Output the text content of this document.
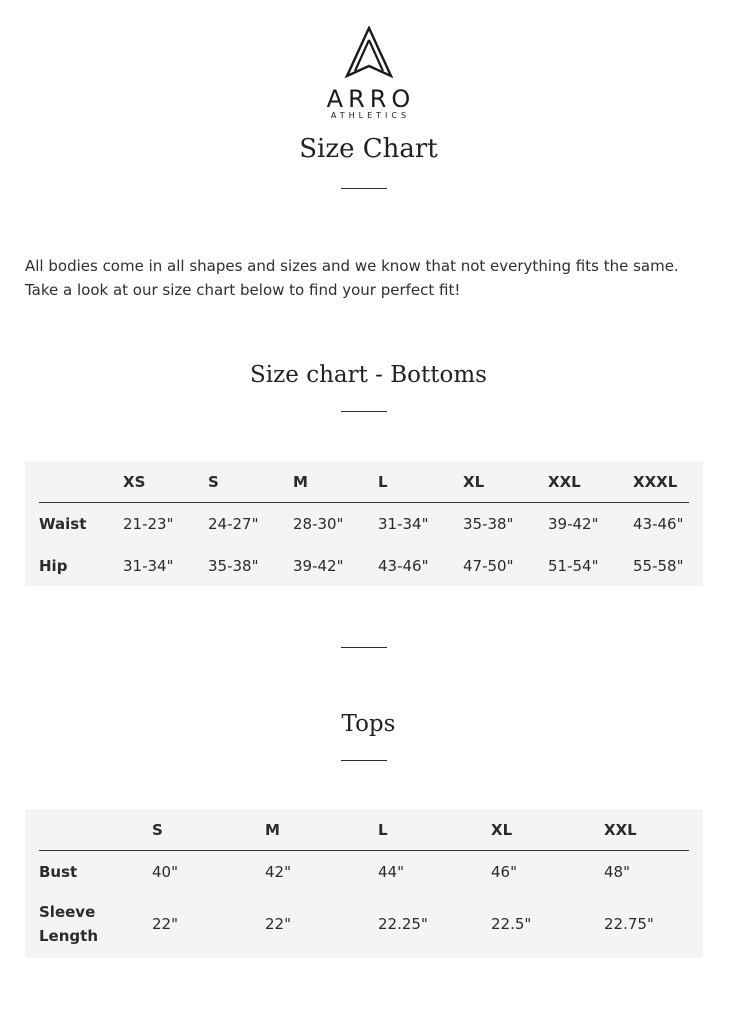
ARRO
ATHLETICS
Size Chart
All bodies come in all shapes and sizes and we know that not everything fits the same. Take a look at our size chart below to find your perfect fit!
Size chart - Bottoms
	XS	S	M	L	XL	XXL	XXXL
Waist	21-23"	24-27"	28-30"	31-34"	35-38"	39-42"	43-46"
Hip	31-34"	35-38"	39-42"	43-46"	47-50"	51-54"	55-58"
Tops
	S	M	L	XL	XXL
Bust	40"	42"	44"	46"	48"
Sleeve Length	22"	22"	22.25"	22.5"	22.75"
